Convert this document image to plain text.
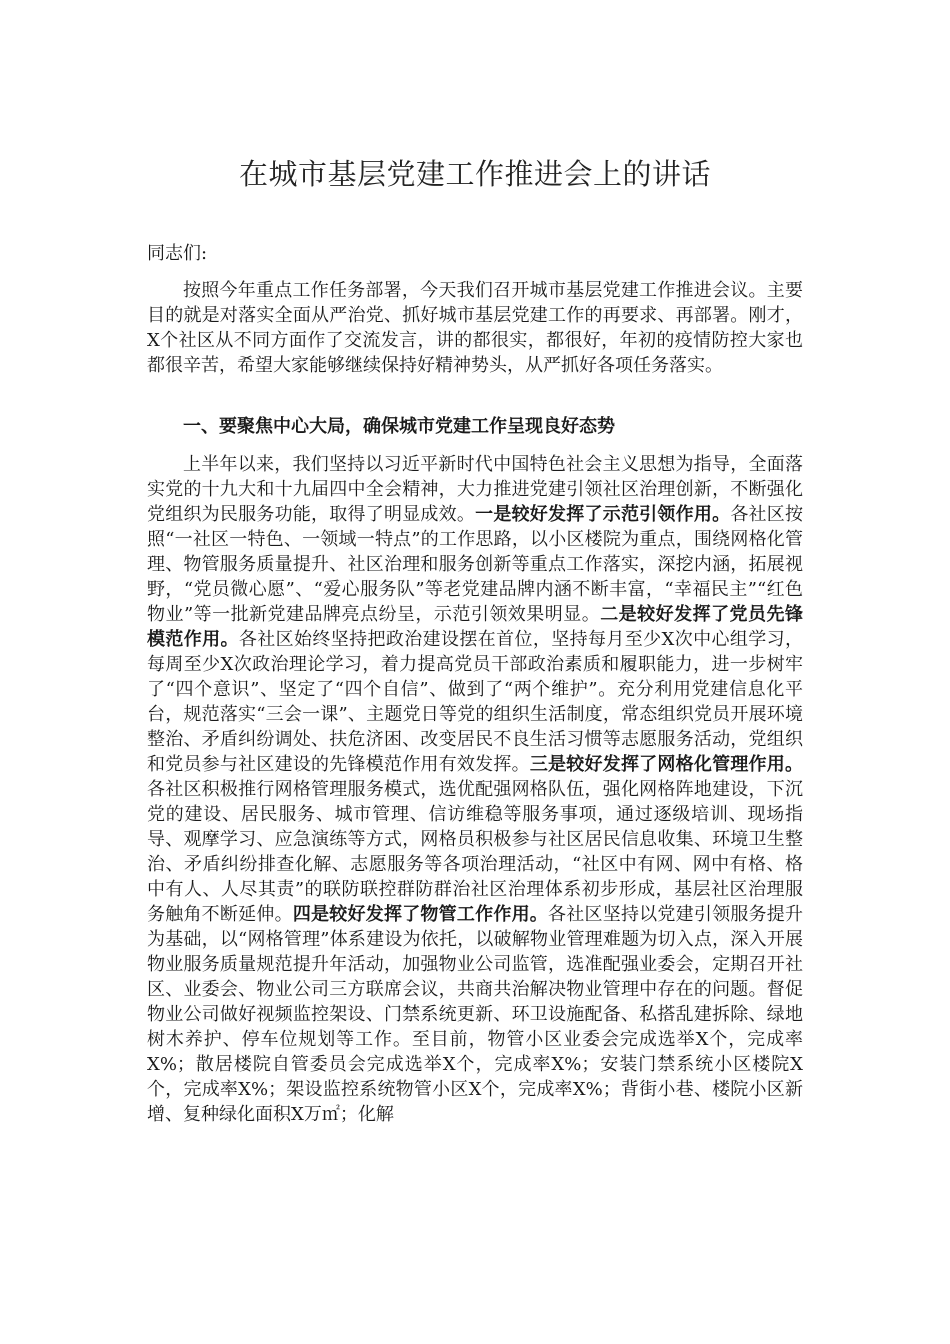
在城市基层党建工作推进会上的讲话
同志们:
按照今年重点工作任务部署，今天我们召开城市基层党建工作推进会议。主要目的就是对落实全面从严治党、抓好城市基层党建工作的再要求、再部署。刚才，X个社区从不同方面作了交流发言，讲的都很实，都很好，年初的疫情防控大家也都很辛苦，希望大家能够继续保持好精神势头，从严抓好各项任务落实。
一、要聚焦中心大局，确保城市党建工作呈现良好态势
上半年以来，我们坚持以习近平新时代中国特色社会主义思想为指导，全面落实党的十九大和十九届四中全会精神，大力推进党建引领社区治理创新，不断强化党组织为民服务功能，取得了明显成效。一是较好发挥了示范引领作用。各社区按照“一社区一特色、一领域一特点”的工作思路，以小区楼院为重点，围绕网格化管理、物管服务质量提升、社区治理和服务创新等重点工作落实，深挖内涵，拓展视野，“党员微心愿”、“爱心服务队”等老党建品牌内涵不断丰富，“幸福民主”“红色物业”等一批新党建品牌亮点纷呈，示范引领效果明显。二是较好发挥了党员先锋模范作用。各社区始终坚持把政治建设摆在首位，坚持每月至少X次中心组学习，每周至少X次政治理论学习，着力提高党员干部政治素质和履职能力，进一步树牢了“四个意识”、坚定了“四个自信”、做到了“两个维护”。充分利用党建信息化平台，规范落实“三会一课”、主题党日等党的组织生活制度，常态组织党员开展环境整治、矛盾纠纷调处、扶危济困、改变居民不良生活习惯等志愿服务活动，党组织和党员参与社区建设的先锋模范作用有效发挥。三是较好发挥了网格化管理作用。各社区积极推行网格管理服务模式，选优配强网格队伍，强化网格阵地建设，下沉党的建设、居民服务、城市管理、信访维稳等服务事项，通过逐级培训、现场指导、观摩学习、应急演练等方式，网格员积极参与社区居民信息收集、环境卫生整治、矛盾纠纷排查化解、志愿服务等各项治理活动，“社区中有网、网中有格、格中有人、人尽其责”的联防联控群防群治社区治理体系初步形成，基层社区治理服务触角不断延伸。四是较好发挥了物管工作作用。各社区坚持以党建引领服务提升为基础，以“网格管理”体系建设为依托，以破解物业管理难题为切入点，深入开展物业服务质量规范提升年活动，加强物业公司监管，选准配强业委会，定期召开社区、业委会、物业公司三方联席会议，共商共治解决物业管理中存在的问题。督促物业公司做好视频监控架设、门禁系统更新、环卫设施配备、私搭乱建拆除、绿地树木养护、停车位规划等工作。至目前，物管小区业委会完成选举X个，完成率X%；散居楼院自管委员会完成选举X个，完成率X%；安装门禁系统小区楼院X个，完成率X%；架设监控系统物管小区X个，完成率X%；背街小巷、楼院小区新增、复种绿化面积X万㎡；化解
